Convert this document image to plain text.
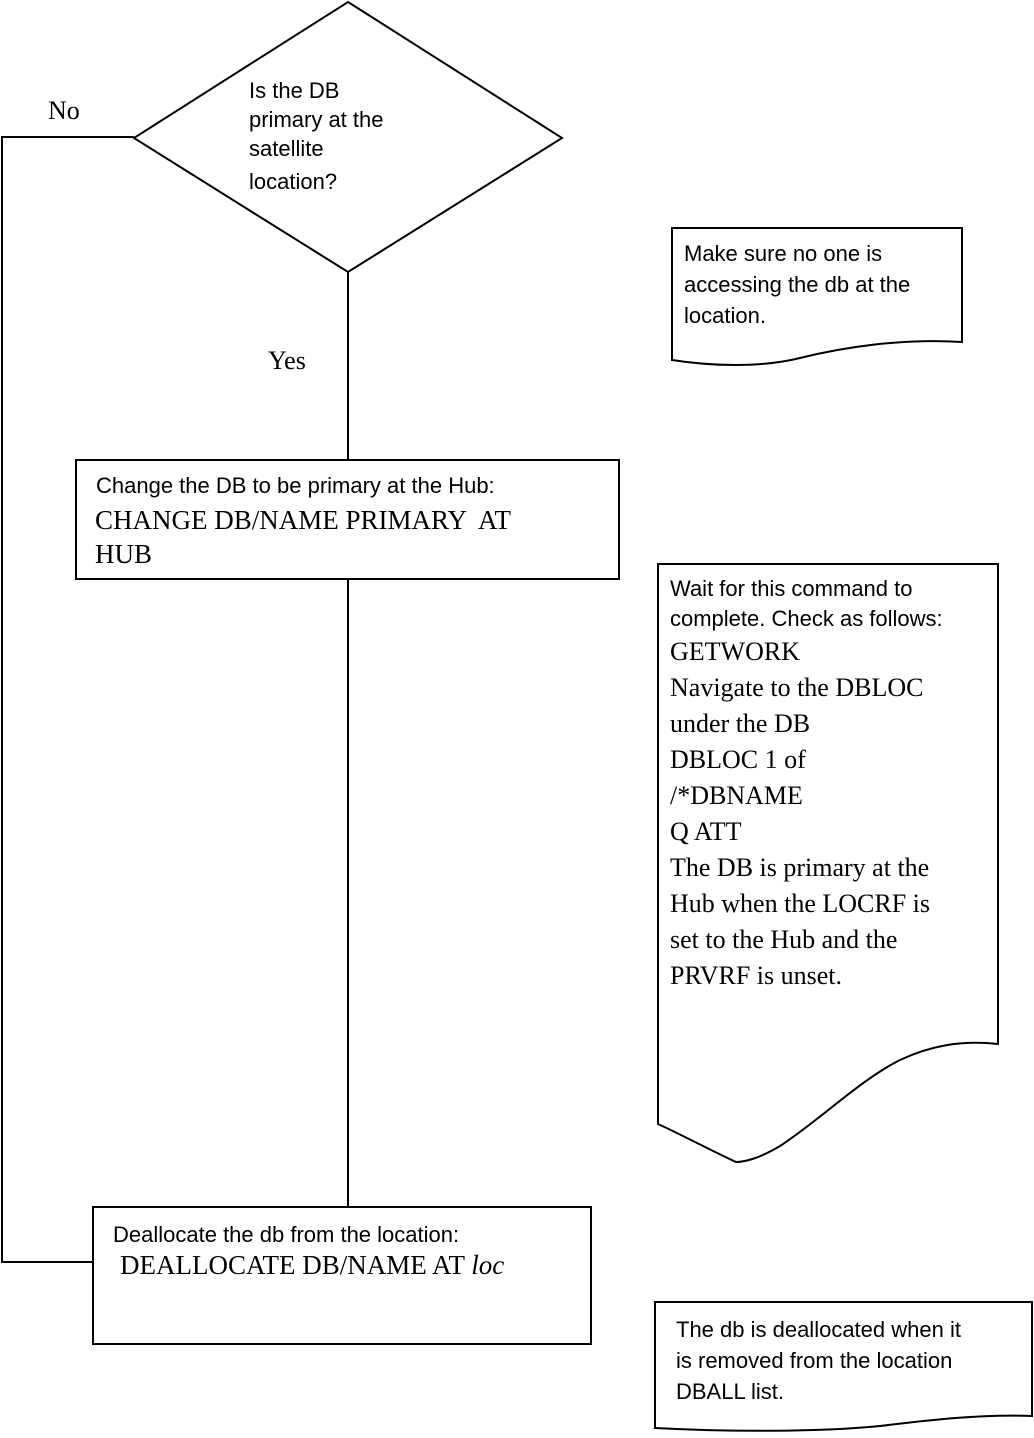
Is the DB
primary at the
satellite
location?
No
Yes
Change the DB to be primary at the Hub:
CHANGE DB/NAME PRIMARY  AT
HUB
Deallocate the db from the location:
DEALLOCATE DB/NAME AT loc
Make sure no one is
accessing the db at the
location.
Wait for this command to
complete. Check as follows:
GETWORK
Navigate to the DBLOC
under the DB
DBLOC 1 of
/*DBNAME
Q ATT
The DB is primary at the
Hub when the LOCRF is
set to the Hub and the
PRVRF is unset.
The db is deallocated when it
is removed from the location
DBALL list.
